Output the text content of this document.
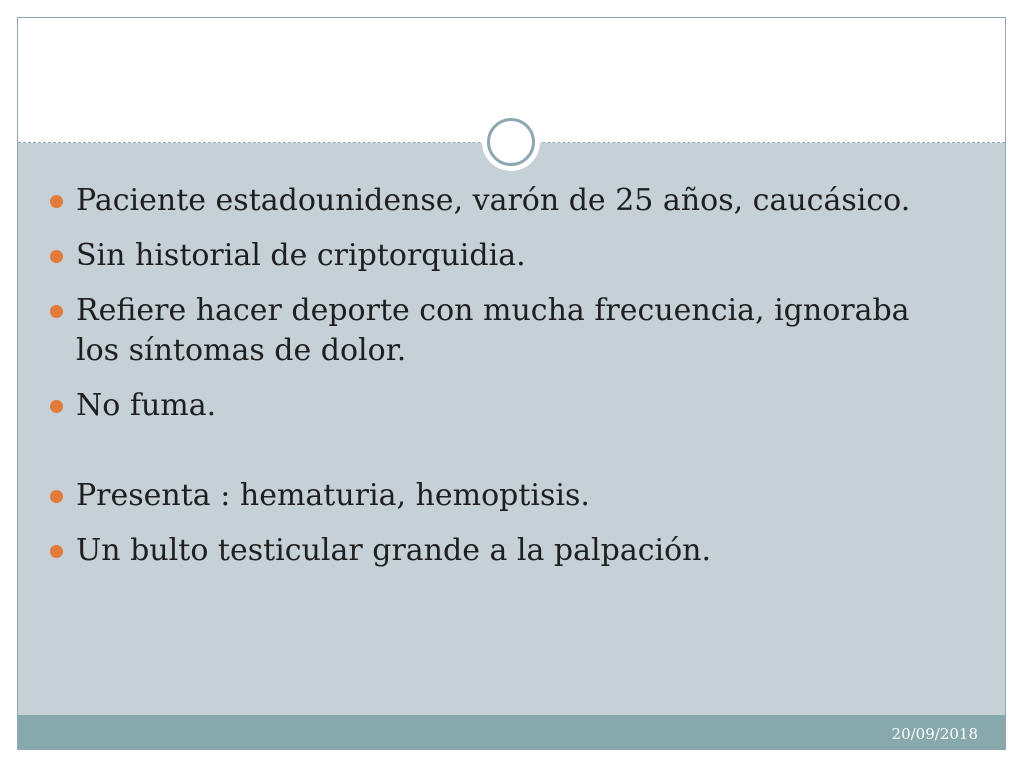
Paciente estadounidense, varón de 25 años, caucásico.
Sin historial de criptorquidia.
Refiere hacer deporte con mucha frecuencia, ignoraba los síntomas de dolor.
No fuma.
Presenta : hematuria, hemoptisis.
Un bulto testicular grande a la palpación.
20/09/2018
